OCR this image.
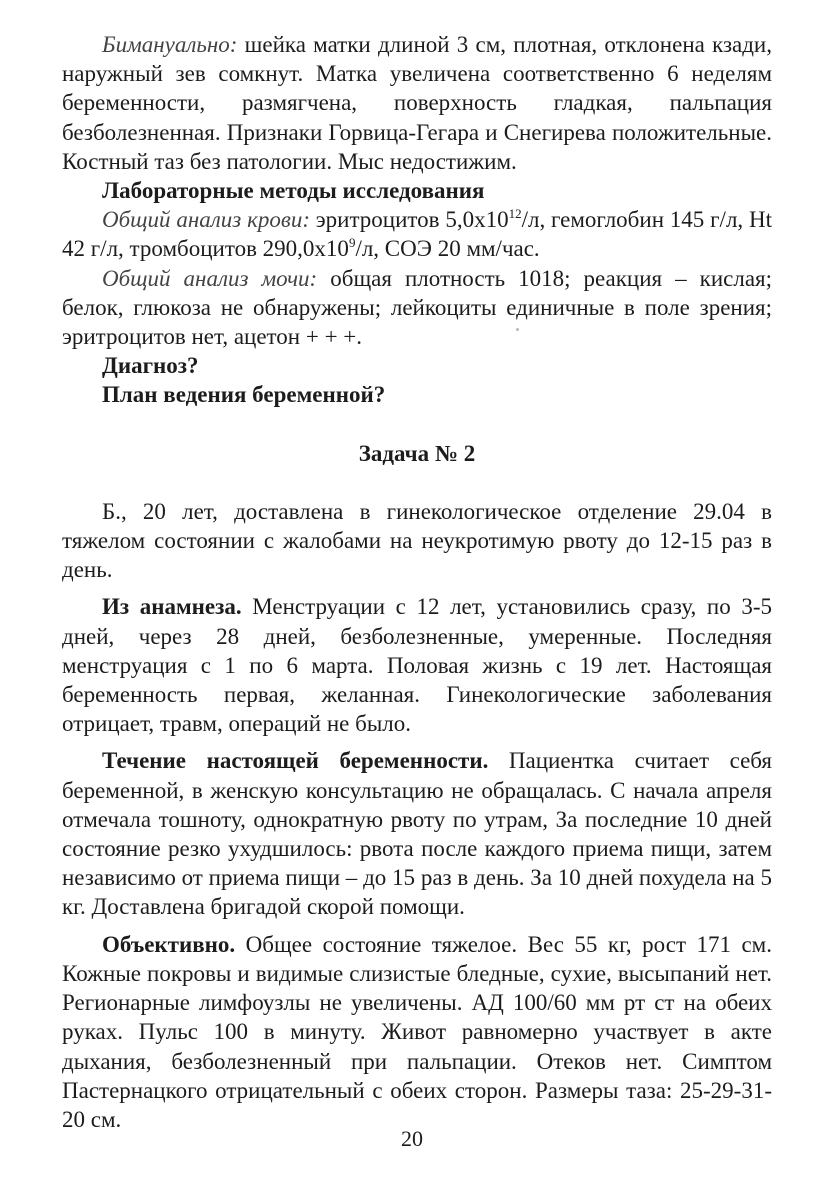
Бимануально: шейка матки длиной 3 см, плотная, отклонена кзади, наружный зев сомкнут. Матка увеличена соответственно 6 неделям беременности, размягчена, поверхность гладкая, пальпация безболезненная. Признаки Горвица-Гегара и Снегирева положительные. Костный таз без патологии. Мыс недостижим.

Лабораторные методы исследования

Общий анализ крови: эритроцитов $5,0x10^{12}/л$, гемоглобин 145 г/л, Ht 42 г/л, тромбоцитов $290,0x10^9/л$, СОЭ 20 мм/час.

Общий анализ мочи: общая плотность 1018; реакция – кислая; белок, глюкоза не обнаружены; лейкоциты единичные в поле зрения; эритроцитов нет, ацетон + + +.

Диагноз?

План ведения беременной?

Задача № 2

Б., 20 лет, доставлена в гинекологическое отделение 29.04 в тяжелом состоянии с жалобами на неукротимую рвоту до 12-15 раз в день.

Из анамнеза. Менструации с 12 лет, установились сразу, по 3-5 дней, через 28 дней, безболезненные, умеренные. Последняя менструация с 1 по 6 марта. Половая жизнь с 19 лет. Настоящая беременность первая, желанная. Гинекологические заболевания отрицает, травм, операций не было.

Течение настоящей беременности. Пациентка считает себя беременной, в женскую консультацию не обращалась. С начала апреля отмечала тошноту, однократную рвоту по утрам, За последние 10 дней состояние резко ухудшилось: рвота после каждого приема пищи, затем независимо от приема пищи – до 15 раз в день. За 10 дней похудела на 5 кг. Доставлена бригадой скорой помощи.

Объективно. Общее состояние тяжелое. Вес 55 кг, рост 171 см. Кожные покровы и видимые слизистые бледные, сухие, высыпаний нет. Регионарные лимфоузлы не увеличены. АД 100/60 мм рт ст на обеих руках. Пульс 100 в минуту. Живот равномерно участвует в акте дыхания, безболезненный при пальпации. Отеков нет. Симптом Пастернацкого отрицательный с обеих сторон. Размеры таза: 25-29-31-20 см.

20
